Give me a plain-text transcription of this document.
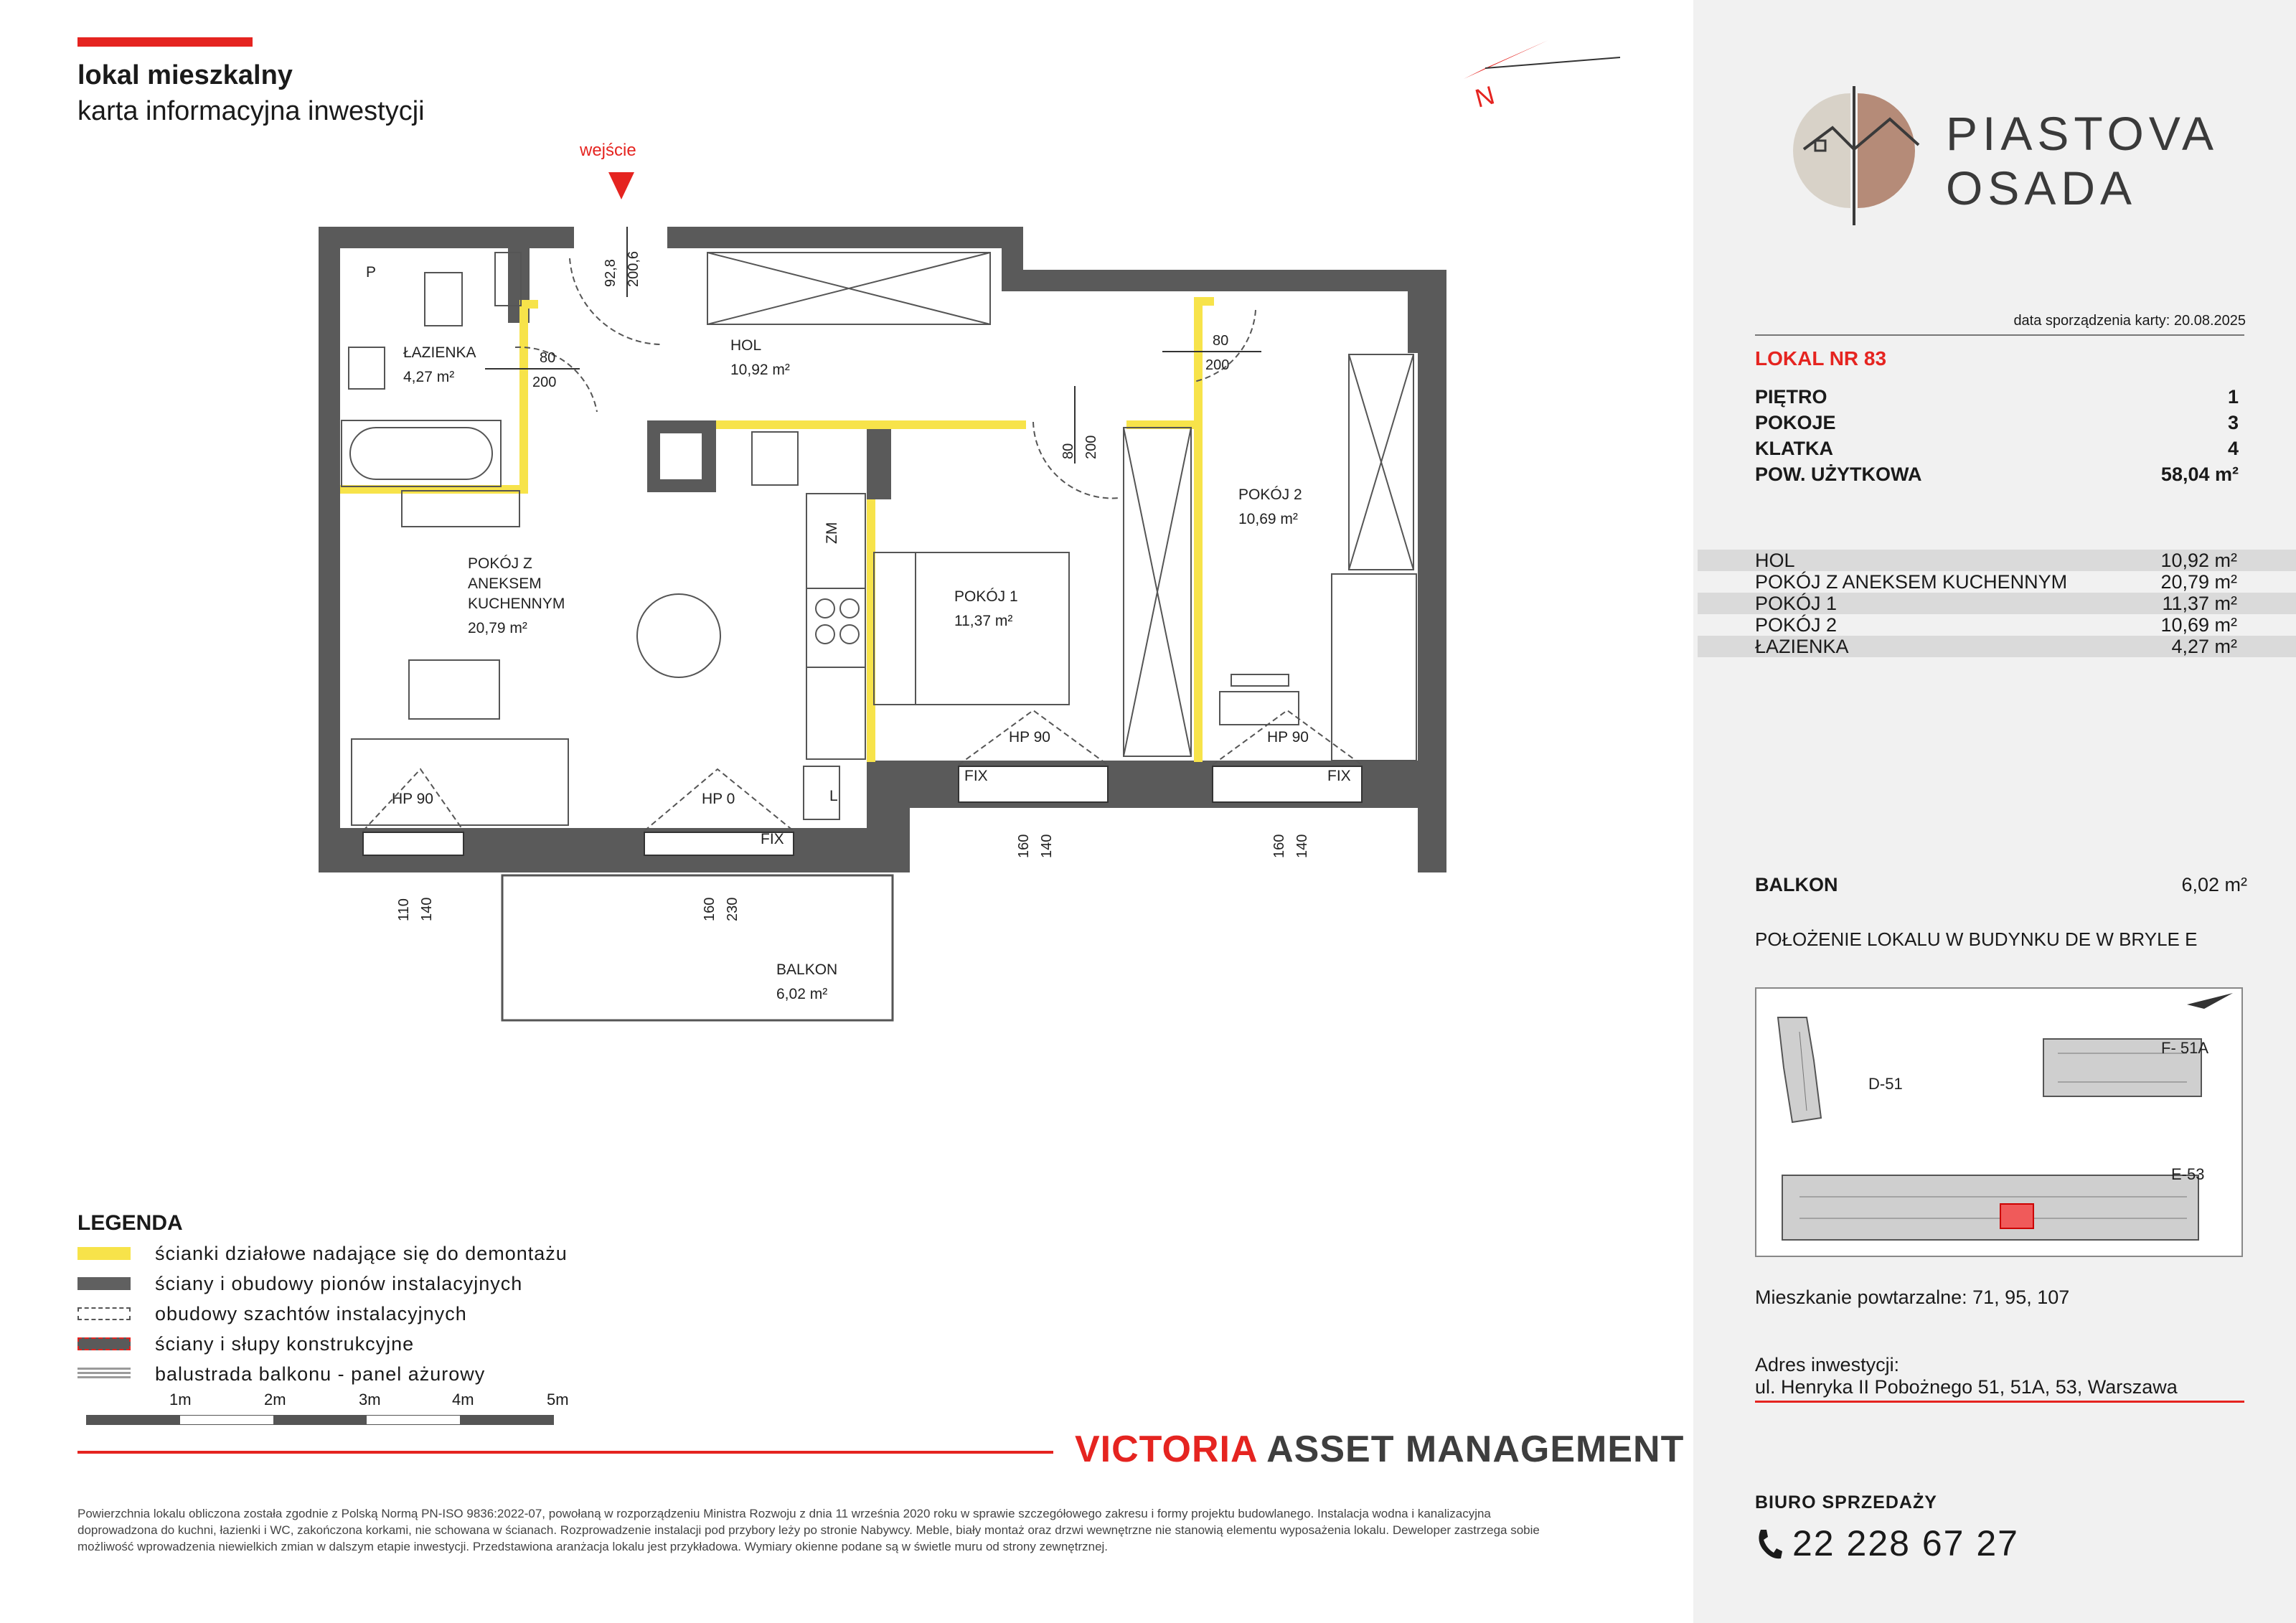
lokal mieszkalny
karta informacyjna inwestycji	N
wejście
ŁAZIENKA
4,27 m²
HOL
10,92 m²
POKÓJ Z
ANEKSEM
KUCHENNYM
20,79 m²
POKÓJ 1
11,37 m²
POKÓJ 2
10,69 m²
BALKON
6,02 m²
92,8 200,6
80
200
80
200
80 200
110 140	160 230
160 140	160 140
HP 90	HP 0
FIX
HP 90
FIX
HP 90
FIX
ZM
P
L
LEGENDA
ścianki działowe nadające się do demontażu
ściany i obudowy pionów instalacyjnych
obudowy szachtów instalacyjnych
ściany i słupy konstrukcyjne
balustrada balkonu - panel ażurowy
1m	2m	3m	4m	5m
VICTORIA ASSET MANAGEMENT
Powierzchnia lokalu obliczona została zgodnie z Polską Normą PN-ISO 9836:2022-07, powołaną w rozporządzeniu Ministra Rozwoju z dnia 11 września 2020 roku w sprawie szczegółowego zakresu i formy projektu budowlanego. Instalacja wodna i kanalizacyjna doprowadzona do kuchni, łazienki i WC, zakończona korkami, nie schowana w ścianach. Rozprowadzenie instalacji pod przybory leży po stronie Nabywcy. Meble, biały montaż oraz drzwi wewnętrzne nie stanowią elementu wyposażenia lokalu. Deweloper zastrzega sobie możliwość wprowadzenia niewielkich zmian w dalszym etapie inwestycji. Przedstawiona aranżacja lokalu jest przykładowa. Wymiary okienne podane są w świetle muru od strony zewnętrznej.
PIASTOVA
OSADA
data sporządzenia karty: 20.08.2025
LOKAL NR 83
PIĘTRO	1
POKOJE	3
KLATKA	4
POW. UŻYTKOWA	58,04 m²
HOL	10,92 m²
POKÓJ Z ANEKSEM KUCHENNYM	20,79 m²
POKÓJ 1	11,37 m²
POKÓJ 2	10,69 m²
ŁAZIENKA	4,27 m²
BALKON	6,02 m²
POŁOŻENIE LOKALU W BUDYNKU DE W BRYLE E
D-51
F- 51A
E-53
Mieszkanie powtarzalne: 71, 95, 107
Adres inwestycji:
ul. Henryka II Pobożnego 51, 51A, 53, Warszawa
BIURO SPRZEDAŻY
22 228 67 27
